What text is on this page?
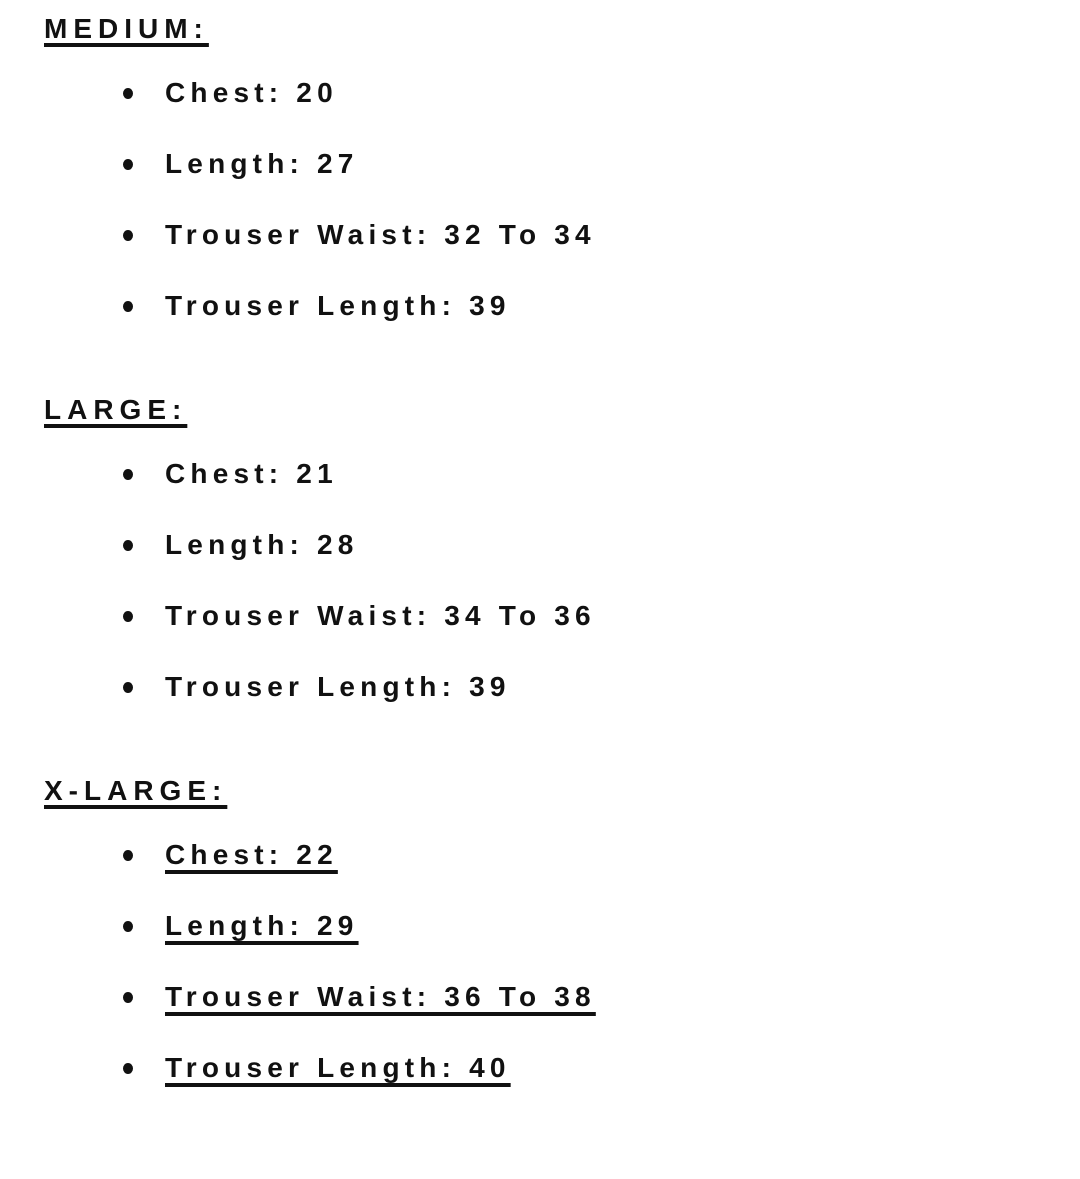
MEDIUM:
Chest: 20
Length: 27
Trouser Waist: 32 To 34
Trouser Length: 39
LARGE:
Chest: 21
Length: 28
Trouser Waist: 34 To 36
Trouser Length: 39
X-LARGE:
Chest: 22
Length: 29
Trouser Waist: 36 To 38
Trouser Length: 40
